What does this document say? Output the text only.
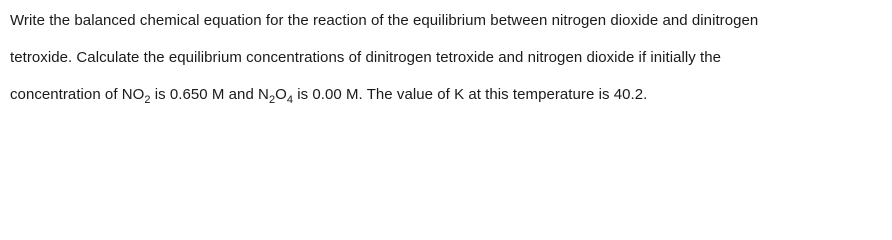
Write the balanced chemical equation for the reaction of the equilibrium between nitrogen dioxide and dinitrogen
tetroxide. Calculate the equilibrium concentrations of dinitrogen tetroxide and nitrogen dioxide if initially the
concentration of $NO_2$ is 0.650 M and $N_2O_4$ is 0.00 M. The value of K at this temperature is 40.2.
